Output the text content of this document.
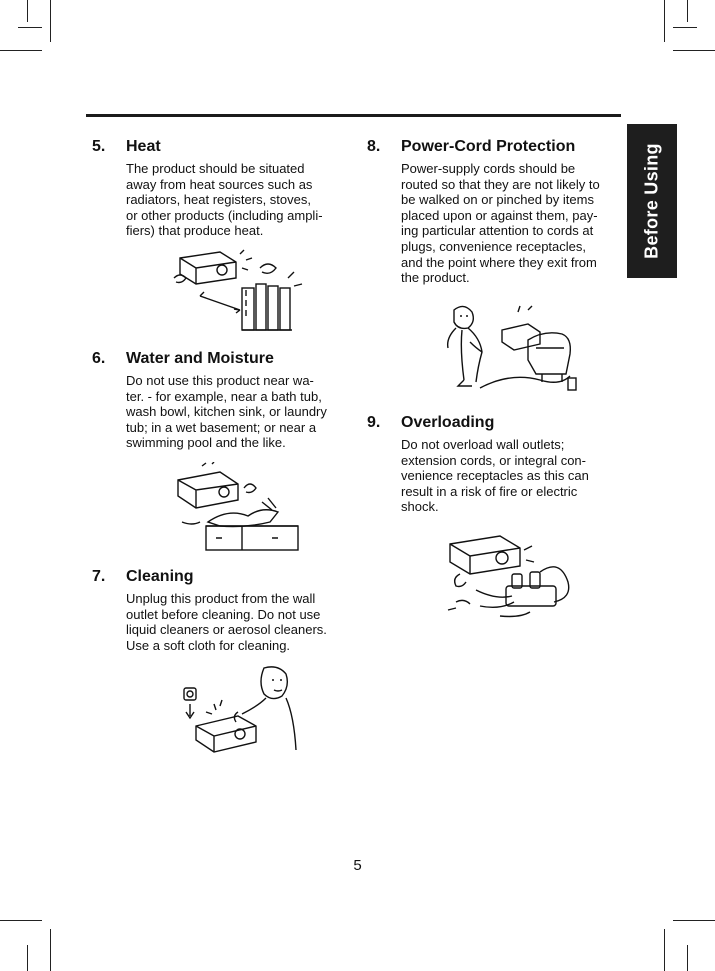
Before Using
5. Heat

The product should be situated
away from heat sources such as
radiators, heat registers, stoves,
or other products (including ampli-
fiers) that produce heat.

6. Water and Moisture

Do not use this product near wa-
ter. - for example, near a bath tub,
wash bowl, kitchen sink, or laundry
tub; in a wet basement; or near a
swimming pool and the like.

7. Cleaning

Unplug this product from the wall
outlet before cleaning. Do not use
liquid cleaners or aerosol cleaners.
Use a soft cloth for cleaning.

8. Power-Cord Protection

Power-supply cords should be
routed so that they are not likely to
be walked on or pinched by items
placed upon or against them, pay-
ing particular attention to cords at
plugs, convenience receptacles,
and the point where they exit from
the product.

9. Overloading

Do not overload wall outlets;
extension cords, or integral con-
venience receptacles as this can
result in a risk of fire or electric
shock.

5
